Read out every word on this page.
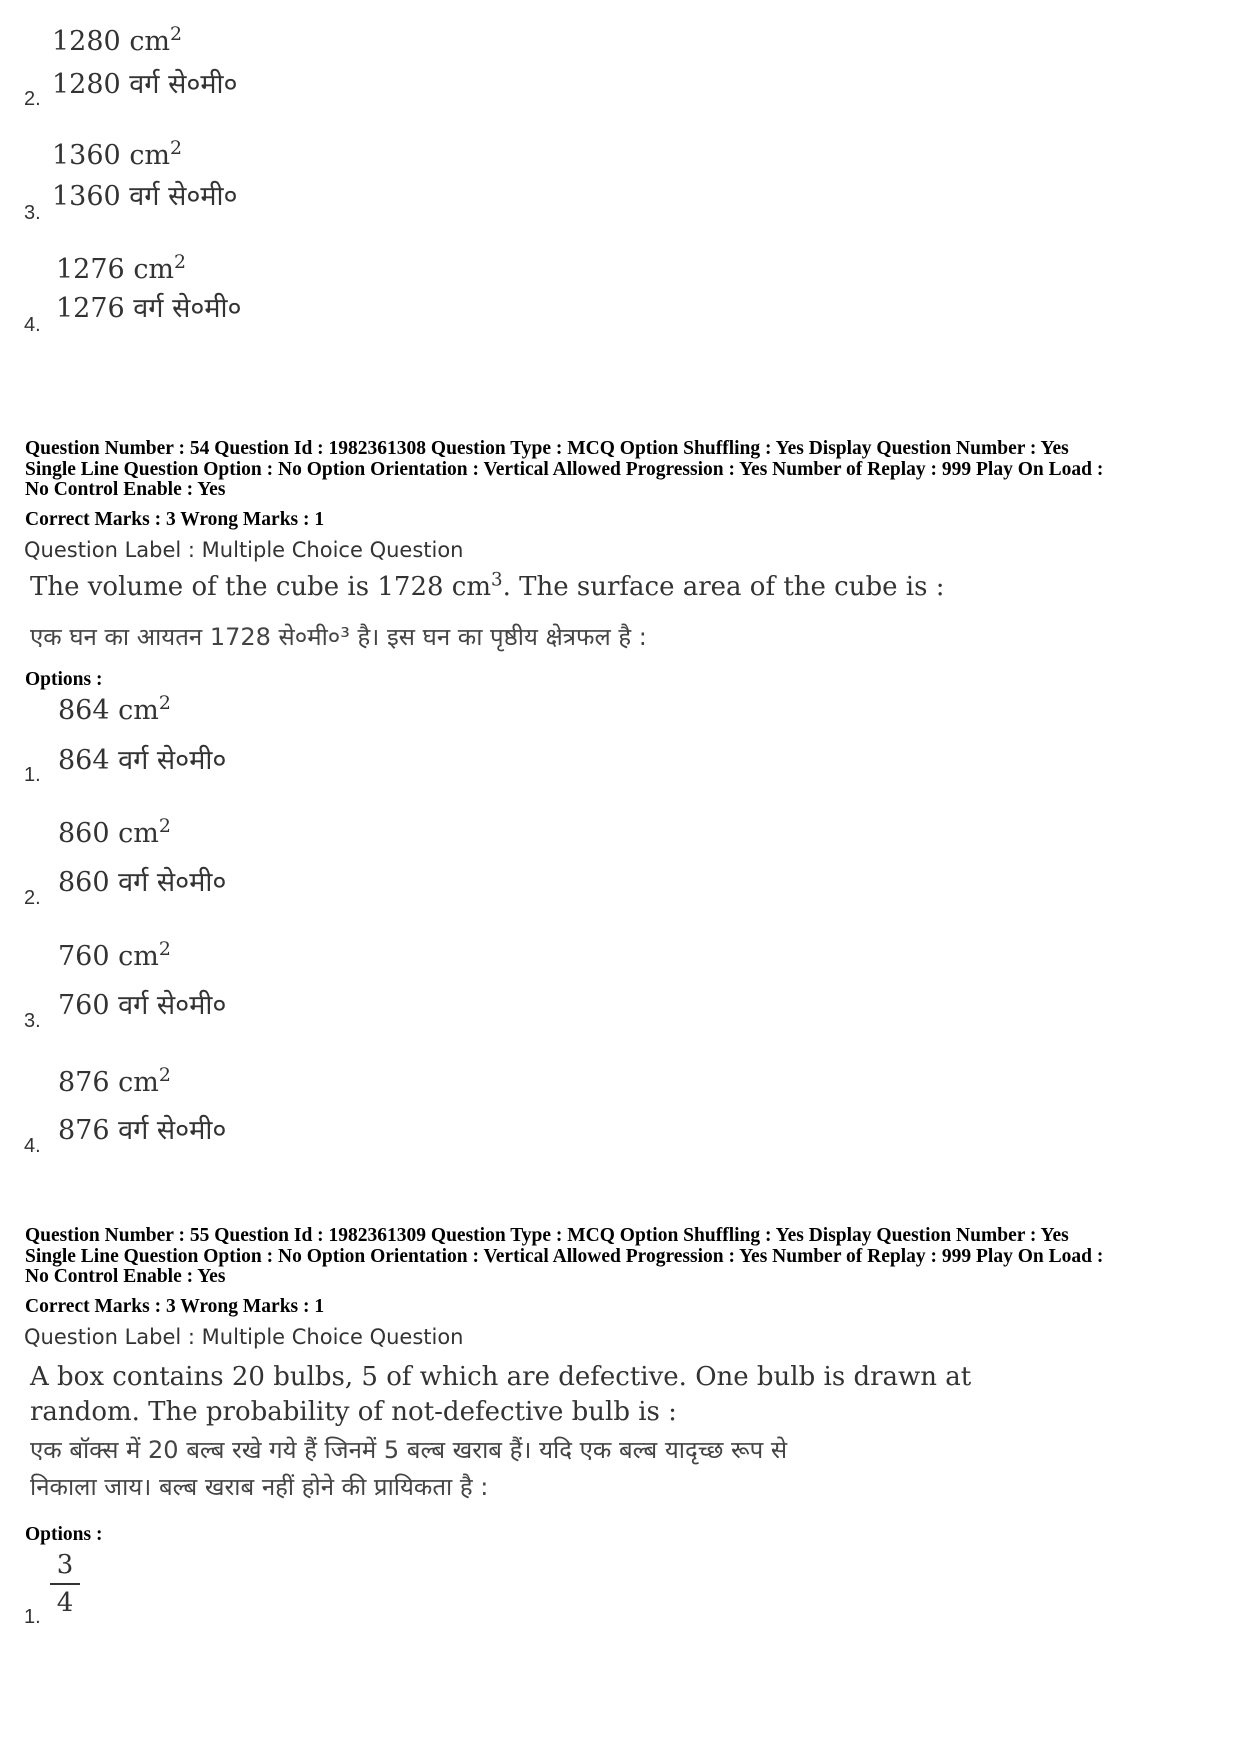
1280 $cm^2$
1280 वर्ग से०मी०
2.
1360 $cm^2$
1360 वर्ग से०मी०
3.
1276 $cm^2$
1276 वर्ग से०मी०
4.
Question Number : 54 Question Id : 1982361308 Question Type : MCQ Option Shuffling : Yes Display Question Number : Yes
Single Line Question Option : No Option Orientation : Vertical Allowed Progression : Yes Number of Replay : 999 Play On Load :
No Control Enable : Yes
Correct Marks : 3 Wrong Marks : 1
Question Label : Multiple Choice Question
The volume of the cube is 1728 $cm^3$. The surface area of the cube is :
एक घन का आयतन 1728 से०मी०³ है। इस घन का पृष्ठीय क्षेत्रफल है :
Options :
864 $cm^2$
864 वर्ग से०मी०
1.
860 $cm^2$
860 वर्ग से०मी०
2.
760 $cm^2$
760 वर्ग से०मी०
3.
876 $cm^2$
876 वर्ग से०मी०
4.
Question Number : 55 Question Id : 1982361309 Question Type : MCQ Option Shuffling : Yes Display Question Number : Yes
Single Line Question Option : No Option Orientation : Vertical Allowed Progression : Yes Number of Replay : 999 Play On Load :
No Control Enable : Yes
Correct Marks : 3 Wrong Marks : 1
Question Label : Multiple Choice Question
A box contains 20 bulbs, 5 of which are defective. One bulb is drawn at
random. The probability of not-defective bulb is :
एक बॉक्स में 20 बल्ब रखे गये हैं जिनमें 5 बल्ब खराब हैं। यदि एक बल्ब यादृच्छ रूप से
निकाला जाय। बल्ब खराब नहीं होने की प्रायिकता है :
Options :
3
4
1.
